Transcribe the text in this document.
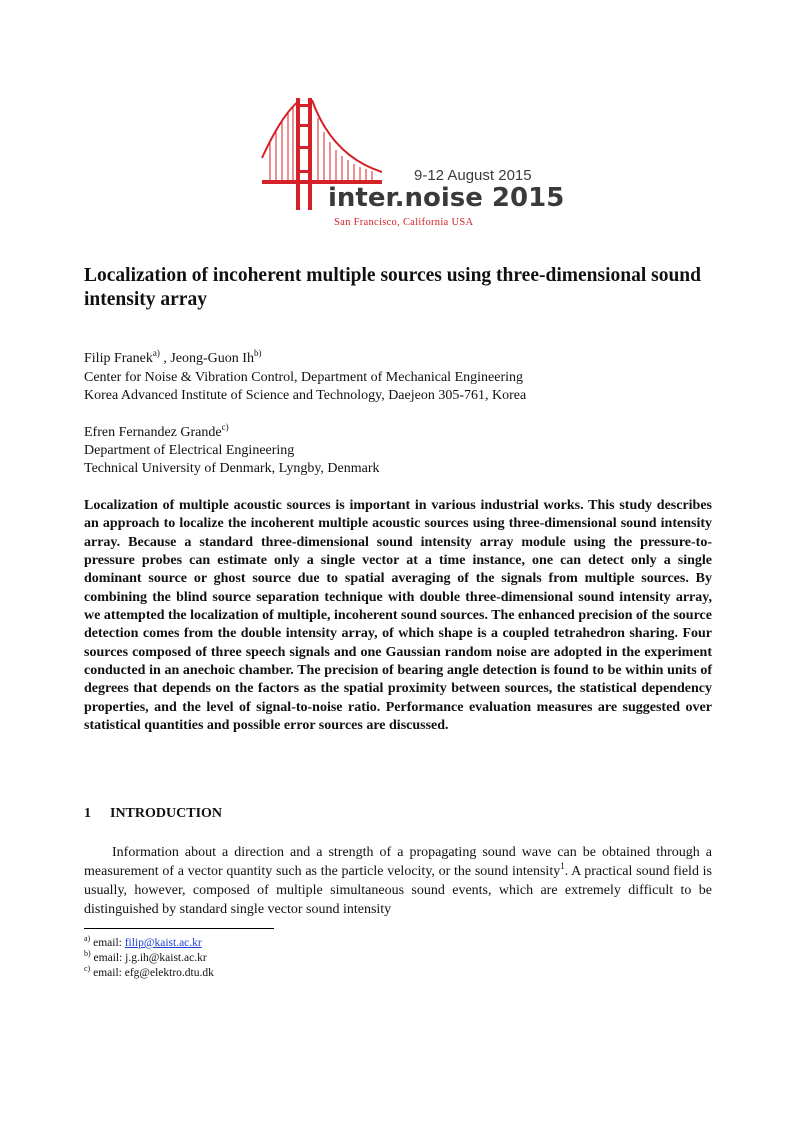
9-12 August 2015
inter.noise 2015
San Francisco, California USA
Localization of incoherent multiple sources using three-dimensional sound intensity array
Filip Franek$^{a)}$ , Jeong-Guon Ih$^{b)}$
Center for Noise & Vibration Control, Department of Mechanical Engineering
Korea Advanced Institute of Science and Technology, Daejeon 305-761, Korea
Efren Fernandez Grande$^{c)}$
Department of Electrical Engineering
Technical University of Denmark, Lyngby, Denmark

Localization of multiple acoustic sources is important in various industrial works. This study describes an approach to localize the incoherent multiple acoustic sources using three-dimensional sound intensity array. Because a standard three-dimensional sound intensity array module using the pressure-to-pressure probes can estimate only a single vector at a time instance, one can detect only a single dominant source or ghost source due to spatial averaging of the signals from multiple sources. By combining the blind source separation technique with double three-dimensional sound intensity array, we attempted the localization of multiple, incoherent sound sources. The enhanced precision of the source detection comes from the double intensity array, of which shape is a coupled tetrahedron sharing. Four sources composed of three speech signals and one Gaussian random noise are adopted in the experiment conducted in an anechoic chamber. The precision of bearing angle detection is found to be within units of degrees that depends on the factors as the spatial proximity between sources, the statistical dependency properties, and the level of signal-to-noise ratio. Performance evaluation measures are suggested over statistical quantities and possible error sources are discussed.

1 INTRODUCTION

Information about a direction and a strength of a propagating sound wave can be obtained through a measurement of a vector quantity such as the particle velocity, or the sound intensity$^1$. A practical sound field is usually, however, composed of multiple simultaneous sound events, which are extremely difficult to be distinguished by standard single vector sound intensity

$^{a)}$ email: filip@kaist.ac.kr
$^{b)}$ email: j.g.ih@kaist.ac.kr
$^{c)}$ email: efg@elektro.dtu.dk
